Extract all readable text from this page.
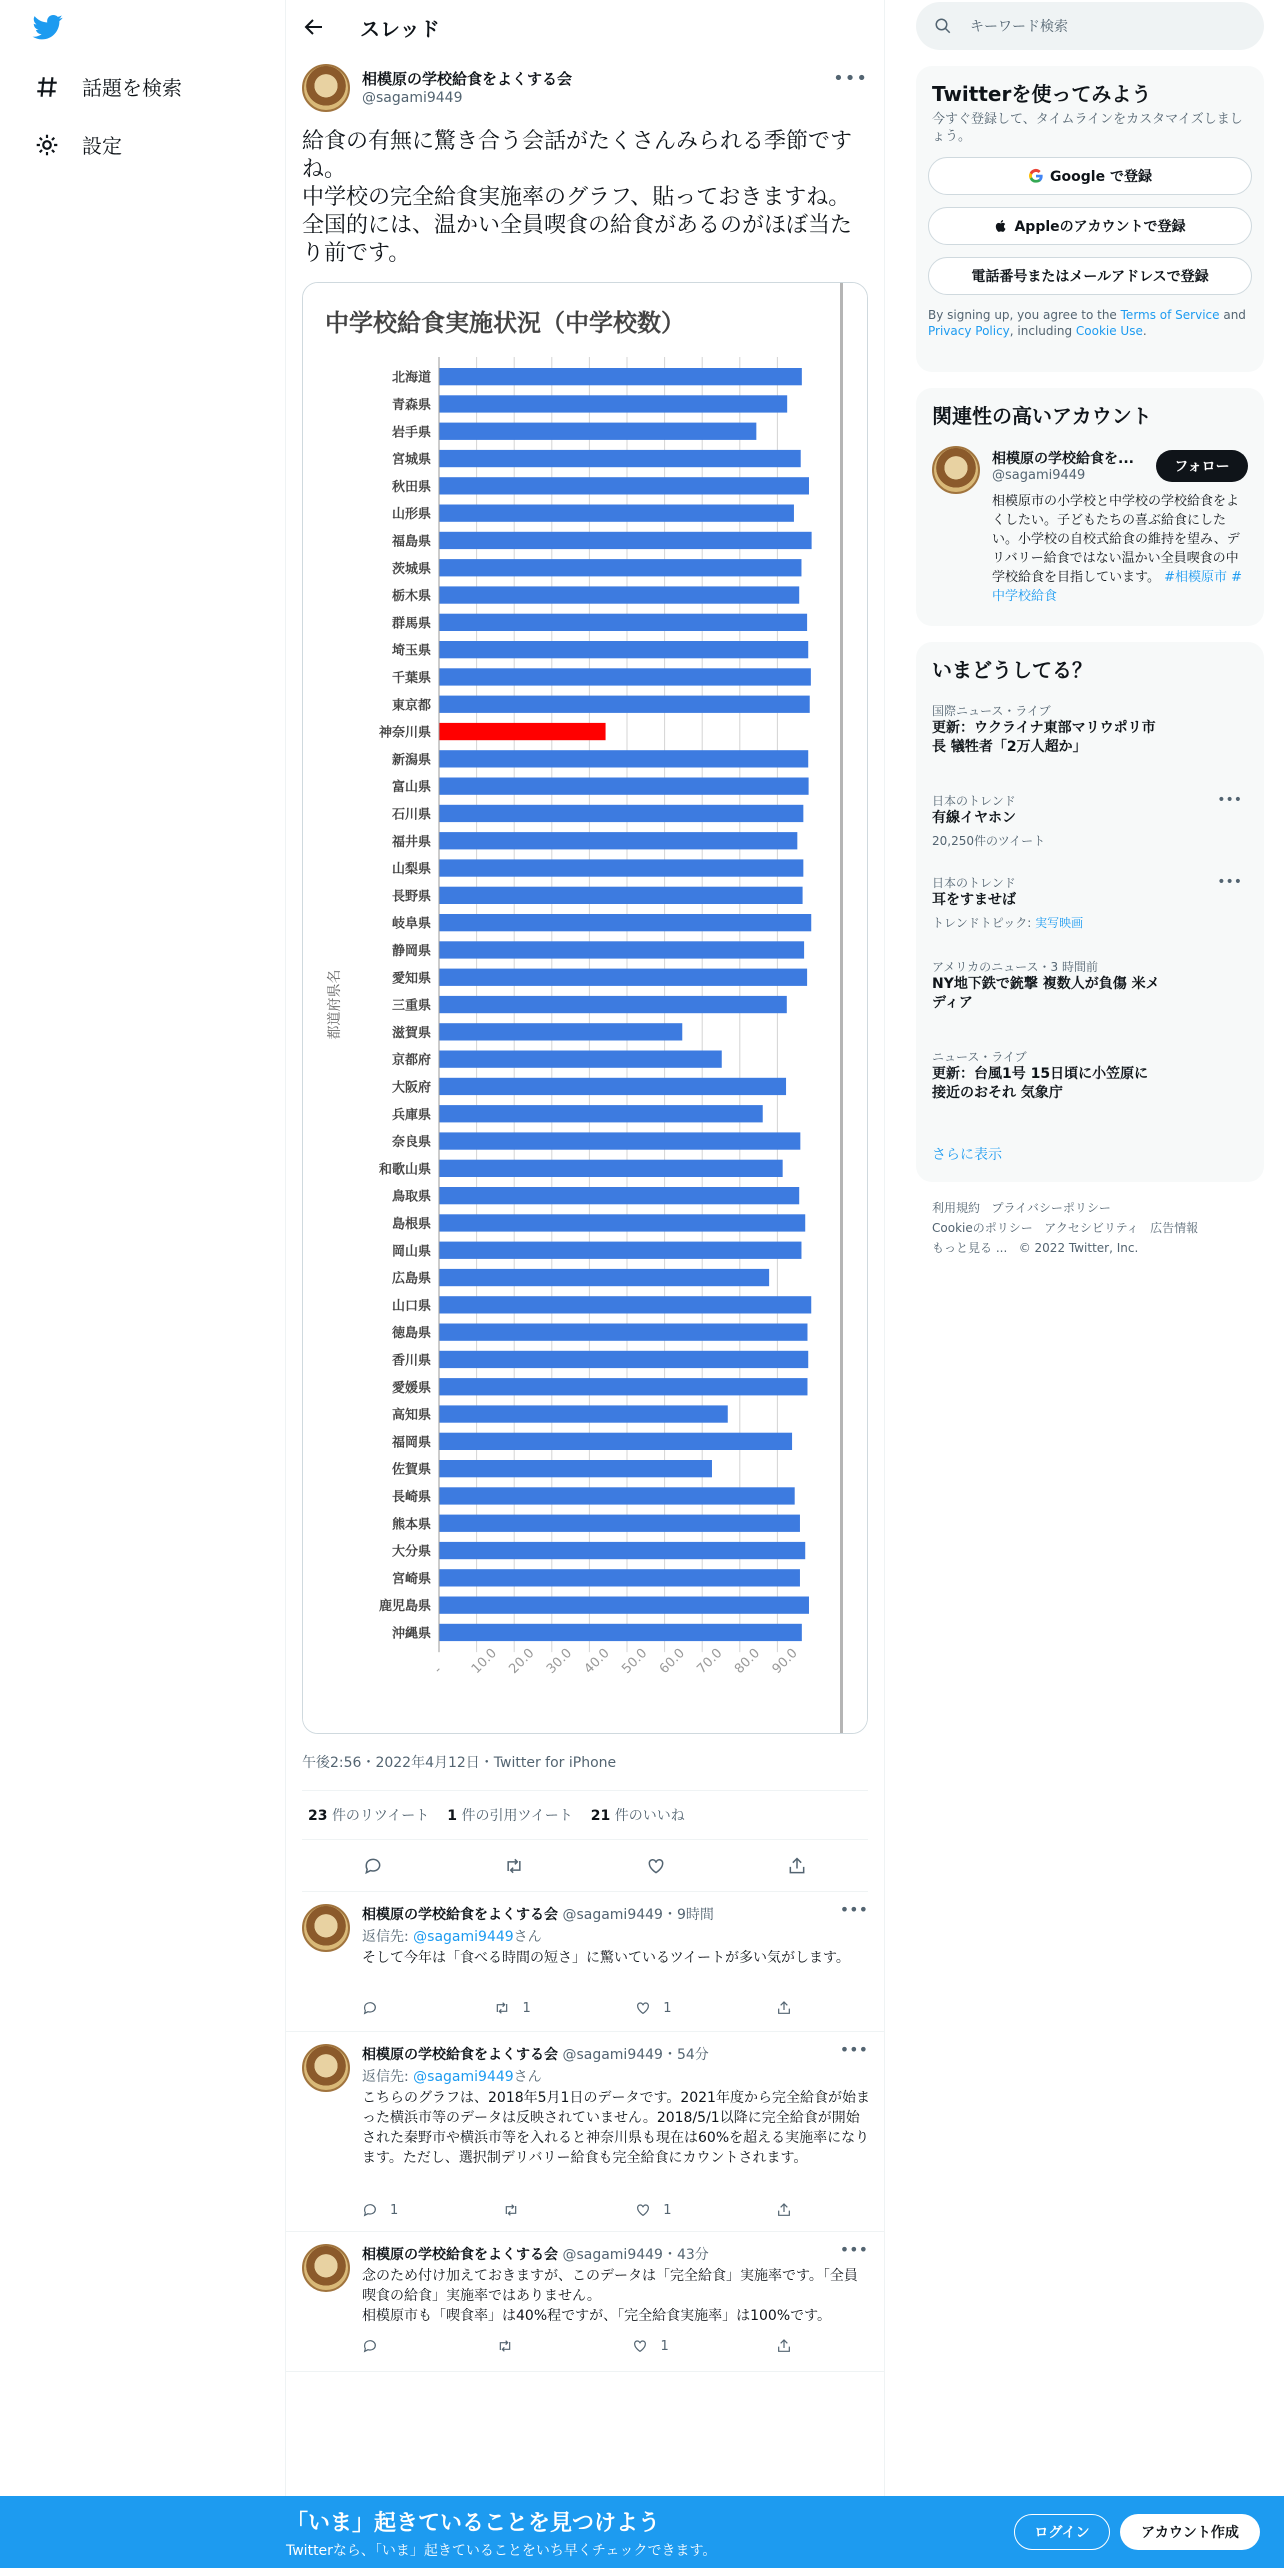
話題を検索
設定
スレッド
相模原の学校給食をよくする会
@sagami9449
•••
給食の有無に驚き合う会話がたくさんみられる季節ですね。
中学校の完全給食実施率のグラフ、貼っておきますね。全国的には、温かい全員喫食の給食があるのがほぼ当たり前です。
中学校給食実施状況（中学校数）
- 10.0 20.0 30.0 40.0 50.0 60.0 70.0 80.0 90.0
都道府県名
北海道
青森県
岩手県
宮城県
秋田県
山形県
福島県
茨城県
栃木県
群馬県
埼玉県
千葉県
東京都
神奈川県
新潟県
富山県
石川県
福井県
山梨県
長野県
岐阜県
静岡県
愛知県
三重県
滋賀県
京都府
大阪府
兵庫県
奈良県
和歌山県
鳥取県
島根県
岡山県
広島県
山口県
徳島県
香川県
愛媛県
高知県
福岡県
佐賀県
長崎県
熊本県
大分県
宮崎県
鹿児島県
沖縄県
午後2:56・2022年4月12日・Twitter for iPhone
23 件のリツイート 1 件の引用ツイート 21 件のいいね
相模原の学校給食をよくする会 @sagami9449・9時間	•••
返信先: @sagami9449さん
そして今年は「食べる時間の短さ」に驚いているツイートが多い気がします。
1	1
相模原の学校給食をよくする会 @sagami9449・54分	•••
返信先: @sagami9449さん
こちらのグラフは、2018年5月1日のデータです。2021年度から完全給食が始まった横浜市等のデータは反映されていません。2018/5/1以降に完全給食が開始された秦野市や横浜市等を入れると神奈川県も現在は60%を超える実施率になります。ただし、選択制デリバリー給食も完全給食にカウントされます。
1	1
相模原の学校給食をよくする会 @sagami9449・43分	•••
念のため付け加えておきますが、このデータは「完全給食」実施率です。「全員喫食の給食」実施率ではありません。
相模原市も「喫食率」は40%程ですが、「完全給食実施率」は100%です。
1
キーワード検索
Twitterを使ってみよう
今すぐ登録して、タイムラインをカスタマイズしましょう。
Google で登録
Appleのアカウントで登録
電話番号またはメールアドレスで登録
By signing up, you agree to the Terms of Service and Privacy Policy, including Cookie Use.
関連性の高いアカウント
相模原の学校給食を...
@sagami9449
フォロー
相模原市の小学校と中学校の学校給食をよくしたい。子どもたちの喜ぶ給食にしたい。小学校の自校式給食の維持を望み、デリバリー給食ではない温かい全員喫食の中学校給食を目指しています。 #相模原市 #中学校給食
いまどうしてる？
国際ニュース・ライブ
更新：ウクライナ東部マリウポリ市長 犠牲者「2万人超か」
日本のトレンド
有線イヤホン
20,250件のツイート
•••
日本のトレンド
耳をすませば
トレンドトピック: 実写映画
•••
アメリカのニュース・3 時間前
NY地下鉄で銃撃 複数人が負傷 米メディア
ニュース・ライブ
更新：台風1号 15日頃に小笠原に接近のおそれ 気象庁
さらに表示
利用規約 プライバシーポリシー
Cookieのポリシー アクセシビリティ 広告情報
もっと見る ... © 2022 Twitter, Inc.
「いま」起きていることを見つけよう
Twitterなら、「いま」起きていることをいち早くチェックできます。
ログイン	アカウント作成
